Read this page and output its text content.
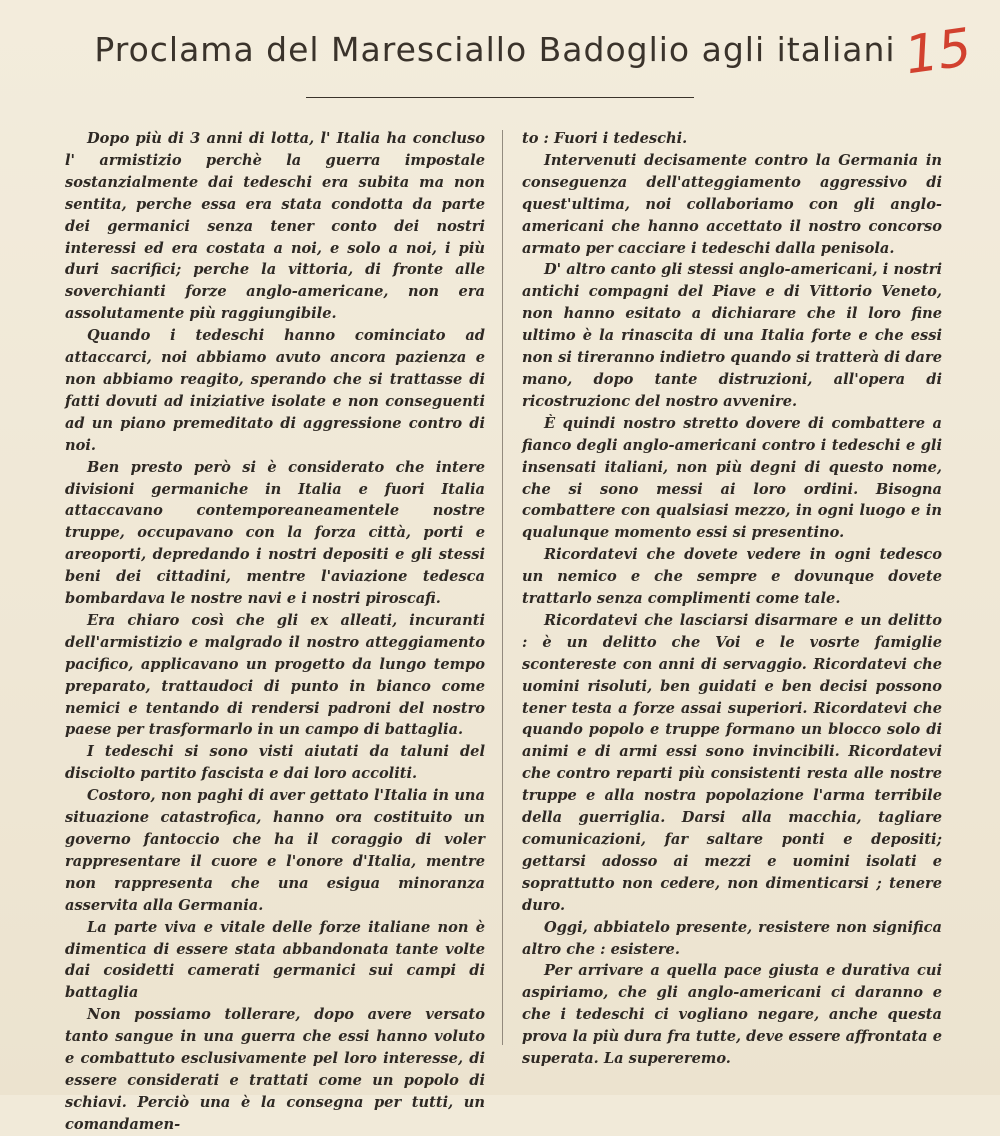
Proclama del Maresciallo Badoglio agli italiani 15

Dopo più di 3 anni di lotta, l' Italia ha concluso l' armistizio perchè la guerra impostale sostanzialmente dai tedeschi era subita ma non sentita, perche essa era stata condotta da parte dei germanici senza tener conto dei nostri interessi ed era costata a noi, e solo a noi, i più duri sacrifici; perche la vittoria, di fronte alle soverchianti forze anglo-americane, non era assolutamente più raggiungibile.

Quando i tedeschi hanno cominciato ad attaccarci, noi abbiamo avuto ancora pazienza e non abbiamo reagito, sperando che si trattasse di fatti dovuti ad iniziative isolate e non conseguenti ad un piano premeditato di aggressione contro di noi.

Ben presto però si è considerato che intere divisioni germaniche in Italia e fuori Italia attaccavano contemporeaneamentele nostre truppe, occupavano con la forza città, porti e areoporti, depredando i nostri depositi e gli stessi beni dei cittadini, mentre l'aviazione tedesca bombardava le nostre navi e i nostri piroscafi.

Era chiaro così che gli ex alleati, incuranti dell'armistizio e malgrado il nostro atteggiamento pacifico, applicavano un progetto da lungo tempo preparato, trattaudoci di punto in bianco come nemici e tentando di rendersi padroni del nostro paese per trasformarlo in un campo di battaglia.

I tedeschi si sono visti aiutati da taluni del disciolto partito fascista e dai loro accoliti.

Costoro, non paghi di aver gettato l'Italia in una situazione catastrofica, hanno ora costituito un governo fantoccio che ha il coraggio di voler rappresentare il cuore e l'onore d'Italia, mentre non rappresenta che una esigua minoranza asservita alla Germania.

La parte viva e vitale delle forze italiane non è dimentica di essere stata abbandonata tante volte dai cosidetti camerati germanici sui campi di battaglia

Non possiamo tollerare, dopo avere versato tanto sangue in una guerra che essi hanno voluto e combattuto esclusivamente pel loro interesse, di essere considerati e trattati come un popolo di schiavi. Perciò una è la consegna per tutti, un comandamen-

to : Fuori i tedeschi.

Intervenuti decisamente contro la Germania in conseguenza dell'atteggiamento aggressivo di quest'ultima, noi collaboriamo con gli anglo-americani che hanno accettato il nostro concorso armato per cacciare i tedeschi dalla penisola.

D' altro canto gli stessi anglo-americani, i nostri antichi compagni del Piave e di Vittorio Veneto, non hanno esitato a dichiarare che il loro fine ultimo è la rinascita di una Italia forte e che essi non si tireranno indietro quando si tratterà di dare mano, dopo tante distruzioni, all'opera di ricostruzionc del nostro avvenire.

È quindi nostro stretto dovere di combattere a fianco degli anglo-americani contro i tedeschi e gli insensati italiani, non più degni di questo nome, che si sono messi ai loro ordini. Bisogna combattere con qualsiasi mezzo, in ogni luogo e in qualunque momento essi si presentino.

Ricordatevi che dovete vedere in ogni tedesco un nemico e che sempre e dovunque dovete trattarlo senza complimenti come tale.

Ricordatevi che lasciarsi disarmare e un delitto : è un delitto che Voi e le vosrte famiglie scontereste con anni di servaggio. Ricordatevi che uomini risoluti, ben guidati e ben decisi possono tener testa a forze assai superiori. Ricordatevi che quando popolo e truppe formano un blocco solo di animi e di armi essi sono invincibili. Ricordatevi che contro reparti più consistenti resta alle nostre truppe e alla nostra popolazione l'arma terribile della guerriglia. Darsi alla macchia, tagliare comunicazioni, far saltare ponti e depositi; gettarsi adosso ai mezzi e uomini isolati e soprattutto non cedere, non dimenticarsi ; tenere duro.

Oggi, abbiatelo presente, resistere non significa altro che : esistere.

Per arrivare a quella pace giusta e durativa cui aspiriamo, che gli anglo-americani ci daranno e che i tedeschi ci vogliano negare, anche questa prova la più dura fra tutte, deve essere affrontata e superata. La supereremo.
